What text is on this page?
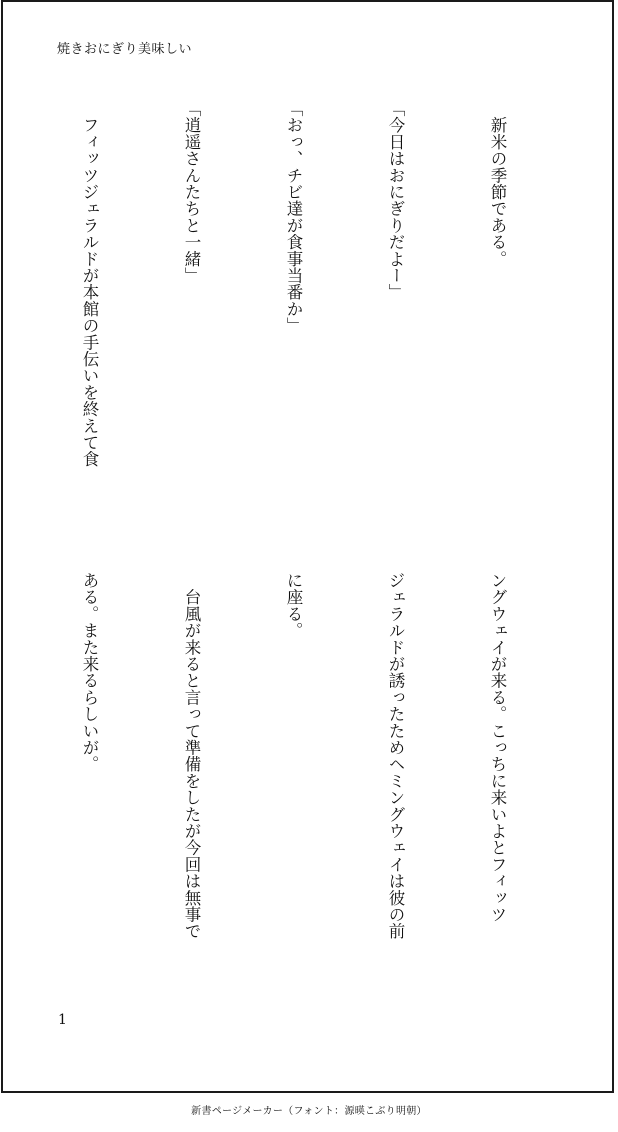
焼きおにぎり美味しい

　新米の季節である。

「今日はおにぎりだよー」

「おっ、チビ達が食事当番か」

「逍遥さんたちと一緒」

　フィッツジェラルドが本館の手伝いを終えて食

ングウェイが来る。こっちに来いよとフィッツ

ジェラルドが誘ったためヘミングウェイは彼の前

に座る。

　台風が来ると言って準備をしたが今回は無事で

ある。また来るらしいが。

1
新書ページメーカー（フォント：源暎こぶり明朝）
